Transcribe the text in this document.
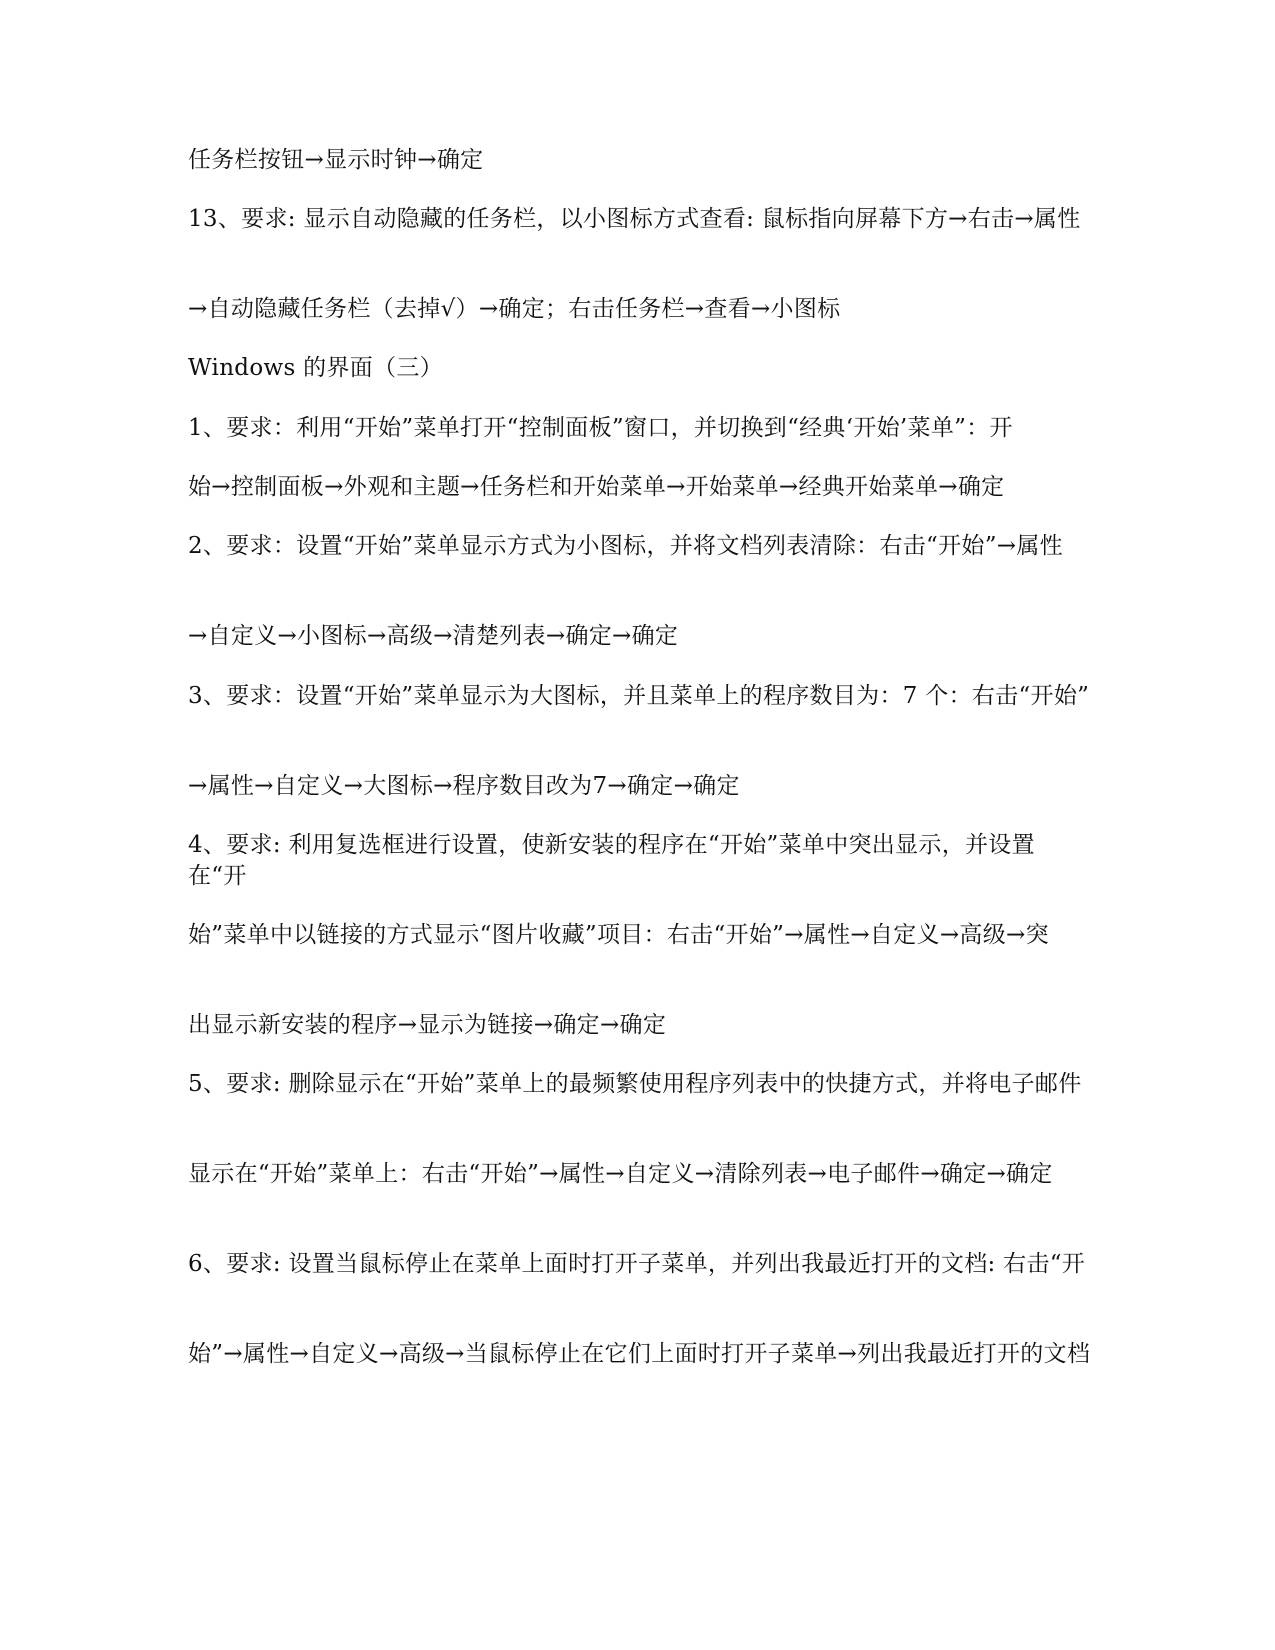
任务栏按钮→显示时钟→确定

13、要求: 显示自动隐藏的任务栏，以小图标方式查看: 鼠标指向屏幕下方→右击→属性

→自动隐藏任务栏（去掉√）→确定；右击任务栏→查看→小图标

Windows 的界面（三）

1、要求：利用“开始”菜单打开“控制面板”窗口，并切换到“经典‘开始’菜单”：开

始→控制面板→外观和主题→任务栏和开始菜单→开始菜单→经典开始菜单→确定

2、要求：设置“开始”菜单显示方式为小图标，并将文档列表清除：右击“开始”→属性

→自定义→小图标→高级→清楚列表→确定→确定

3、要求：设置“开始”菜单显示为大图标，并且菜单上的程序数目为：7 个：右击“开始”

→属性→自定义→大图标→程序数目改为7→确定→确定

4、要求: 利用复选框进行设置，使新安装的程序在“开始”菜单中突出显示，并设置在“开

始”菜单中以链接的方式显示“图片收藏”项目：右击“开始”→属性→自定义→高级→突

出显示新安装的程序→显示为链接→确定→确定

5、要求: 删除显示在“开始”菜单上的最频繁使用程序列表中的快捷方式，并将电子邮件

显示在“开始”菜单上：右击“开始”→属性→自定义→清除列表→电子邮件→确定→确定

6、要求: 设置当鼠标停止在菜单上面时打开子菜单，并列出我最近打开的文档: 右击“开

始”→属性→自定义→高级→当鼠标停止在它们上面时打开子菜单→列出我最近打开的文档
